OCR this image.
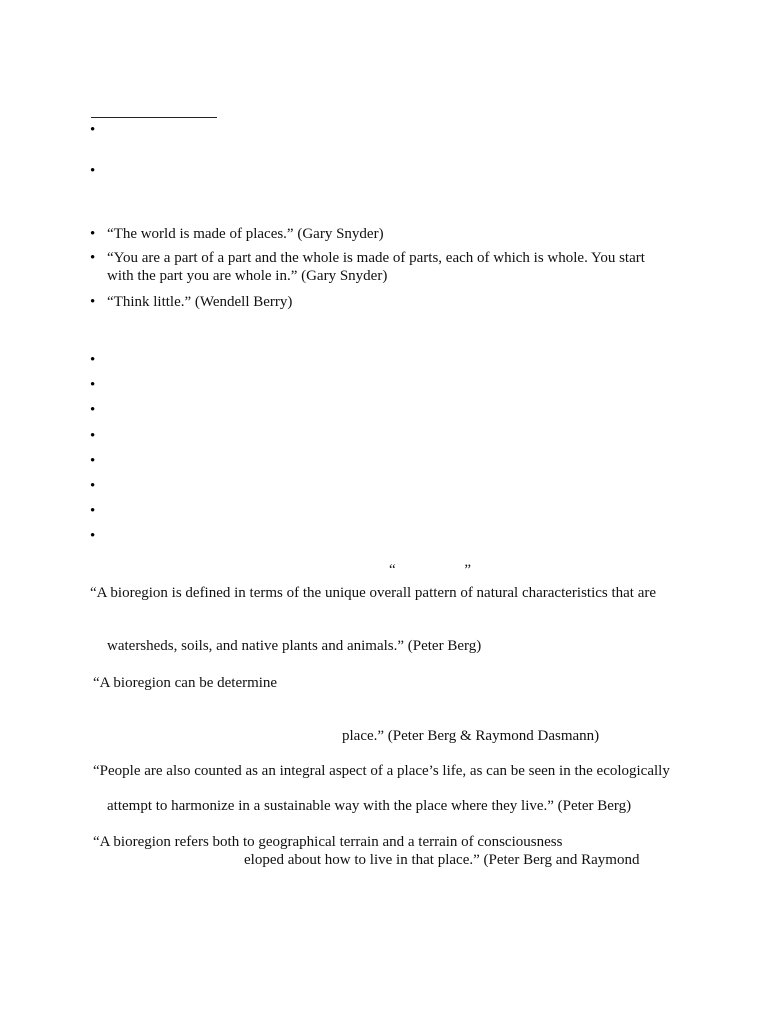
•
•
• “The world is made of places.” (Gary Snyder)
• “You are a part of a part and the whole is made of parts, each of which is whole. You start
with the part you are whole in.” (Gary Snyder)
• “Think little.” (Wendell Berry)
•
•
•
•
•
•
•
•
“	”
“A bioregion is defined in terms of the unique overall pattern of natural characteristics that are
watersheds, soils, and native plants and animals.” (Peter Berg)
“A bioregion can be determine
place.” (Peter Berg & Raymond Dasmann)
“People are also counted as an integral aspect of a place’s life, as can be seen in the ecologically
attempt to harmonize in a sustainable way with the place where they live.” (Peter Berg)
“A bioregion refers both to geographical terrain and a terrain of consciousness
eloped about how to live in that place.” (Peter Berg and Raymond
